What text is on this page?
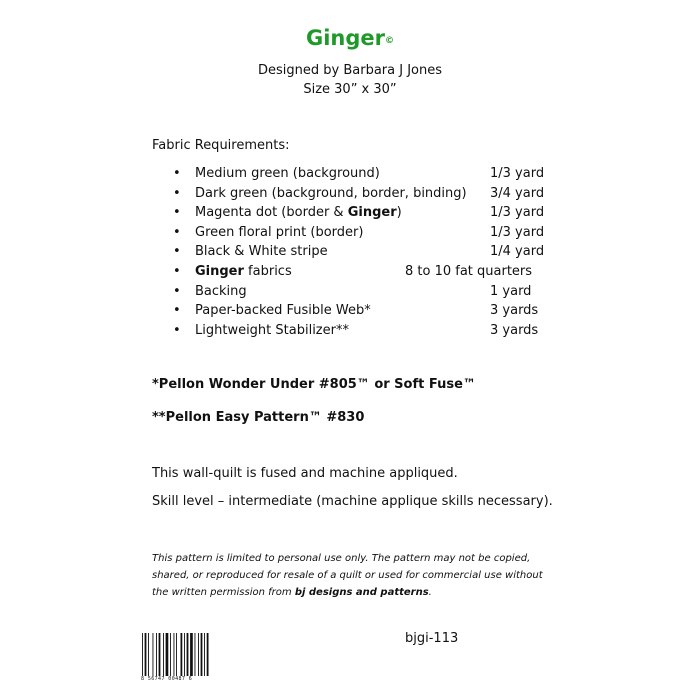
Ginger©
Designed by Barbara J Jones
Size 30” x 30”
Fabric Requirements:
• Medium green (background)	1/3 yard
• Dark green (background, border, binding) 3/4 yard
• Magenta dot (border & Ginger)	1/3 yard
• Green floral print (border)	1/3 yard
• Black & White stripe	1/4 yard
• Ginger fabrics	8 to 10 fat quarters
• Backing	1 yard
• Paper-backed Fusible Web*	3 yards
• Lightweight Stabilizer**	3 yards
*Pellon Wonder Under #805™ or Soft Fuse™
**Pellon Easy Pattern™ #830
This wall-quilt is fused and machine appliqued.
Skill level – intermediate (machine applique skills necessary).
This pattern is limited to personal use only. The pattern may not be copied, shared, or reproduced for resale of a quilt or used for commercial use without the written permission from bj designs and patterns.
8 56747 00487 6
bjgi-113
